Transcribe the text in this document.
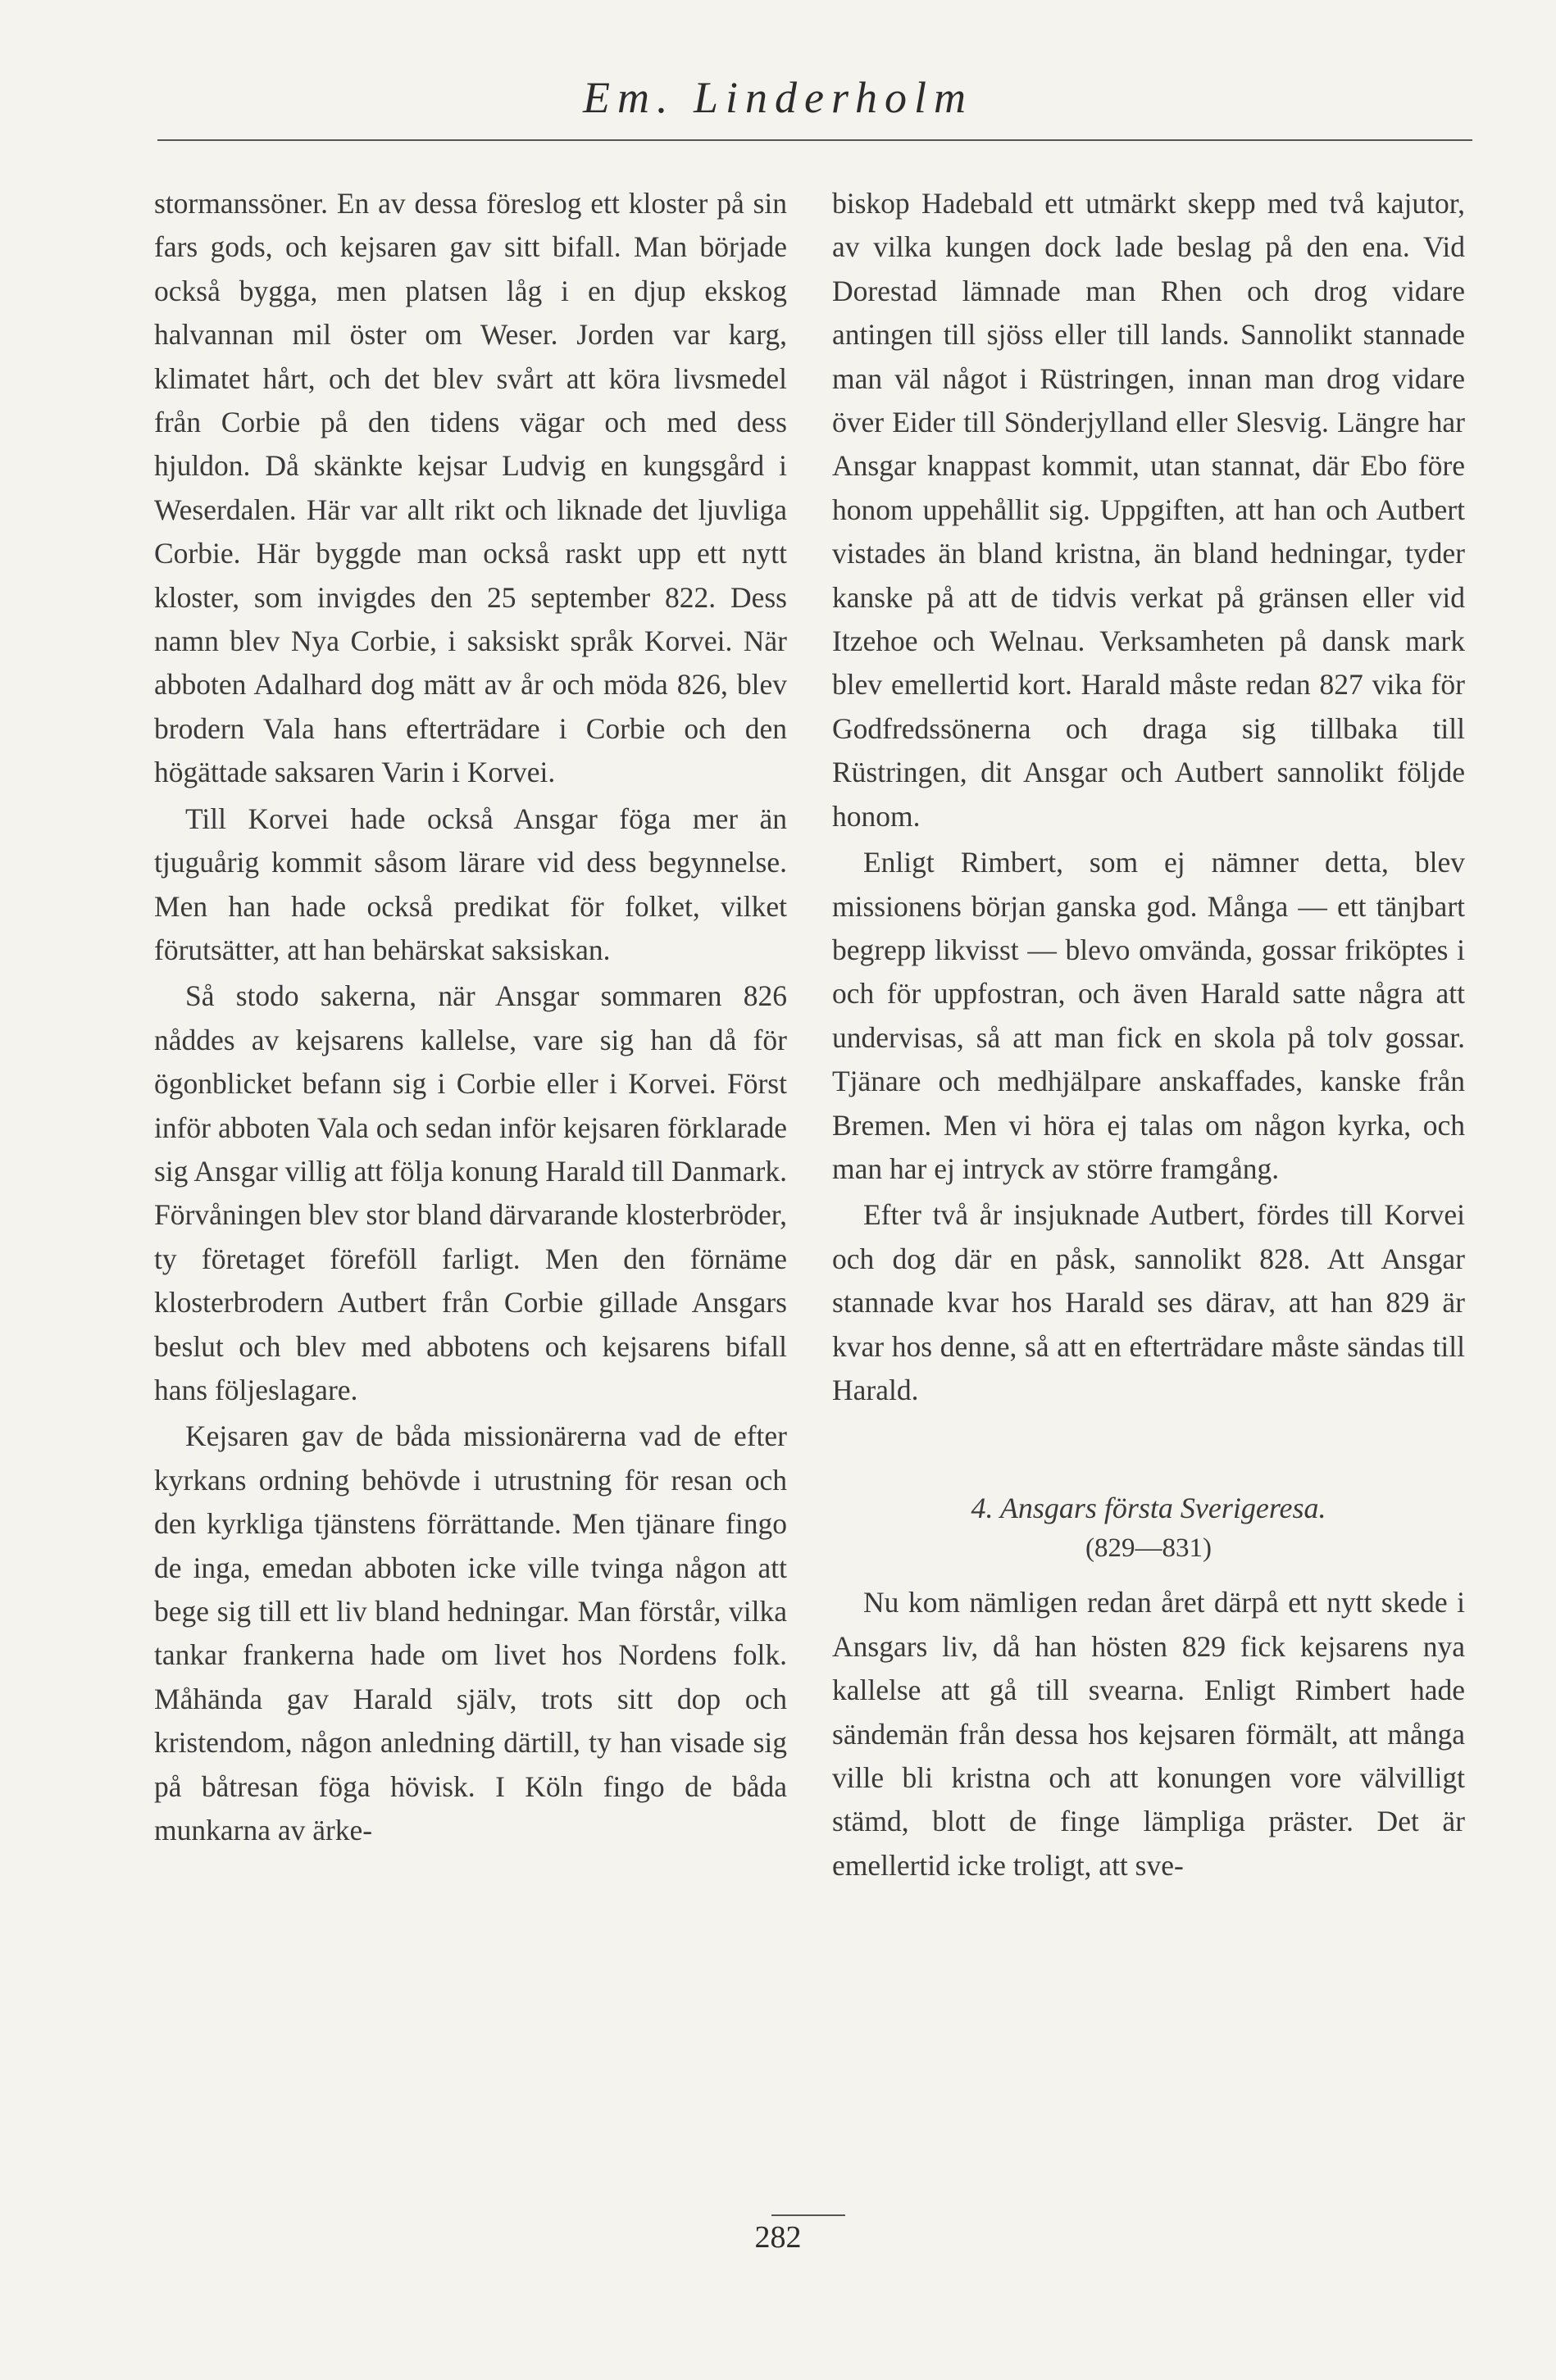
Em. Linderholm

stormanssöner. En av dessa föreslog ett kloster på sin fars gods, och kejsaren gav sitt bifall. Man började också bygga, men platsen låg i en djup ekskog halvannan mil öster om Weser. Jorden var karg, klimatet hårt, och det blev svårt att köra livsmedel från Corbie på den tidens vägar och med dess hjuldon. Då skänkte kejsar Ludvig en kungsgård i Weserdalen. Här var allt rikt och liknade det ljuvliga Corbie. Här byggde man också raskt upp ett nytt kloster, som invigdes den 25 september 822. Dess namn blev Nya Corbie, i saksiskt språk Korvei. När abboten Adalhard dog mätt av år och möda 826, blev brodern Vala hans efterträdare i Corbie och den högättade saksaren Varin i Korvei.

Till Korvei hade också Ansgar föga mer än tjuguårig kommit såsom lärare vid dess begynnelse. Men han hade också predikat för folket, vilket förutsätter, att han behärskat saksiskan.

Så stodo sakerna, när Ansgar sommaren 826 nåddes av kejsarens kallelse, vare sig han då för ögonblicket befann sig i Corbie eller i Korvei. Först inför abboten Vala och sedan inför kejsaren förklarade sig Ansgar villig att följa konung Harald till Danmark. Förvåningen blev stor bland därvarande klosterbröder, ty företaget föreföll farligt. Men den förnäme klosterbrodern Autbert från Corbie gillade Ansgars beslut och blev med abbotens och kejsarens bifall hans följeslagare.

Kejsaren gav de båda missionärerna vad de efter kyrkans ordning behövde i utrustning för resan och den kyrkliga tjänstens förrättande. Men tjänare fingo de inga, emedan abboten icke ville tvinga någon att bege sig till ett liv bland hedningar. Man förstår, vilka tankar frankerna hade om livet hos Nordens folk. Måhända gav Harald själv, trots sitt dop och kristendom, någon anledning därtill, ty han visade sig på båtresan föga hövisk. I Köln fingo de båda munkarna av ärke-

biskop Hadebald ett utmärkt skepp med två kajutor, av vilka kungen dock lade beslag på den ena. Vid Dorestad lämnade man Rhen och drog vidare antingen till sjöss eller till lands. Sannolikt stannade man väl något i Rüstringen, innan man drog vidare över Eider till Sönderjylland eller Slesvig. Längre har Ansgar knappast kommit, utan stannat, där Ebo före honom uppehållit sig. Uppgiften, att han och Autbert vistades än bland kristna, än bland hedningar, tyder kanske på att de tidvis verkat på gränsen eller vid Itzehoe och Welnau. Verksamheten på dansk mark blev emellertid kort. Harald måste redan 827 vika för Godfredssönerna och draga sig tillbaka till Rüstringen, dit Ansgar och Autbert sannolikt följde honom.

Enligt Rimbert, som ej nämner detta, blev missionens början ganska god. Många — ett tänjbart begrepp likvisst — blevo omvända, gossar friköptes i och för uppfostran, och även Harald satte några att undervisas, så att man fick en skola på tolv gossar. Tjänare och medhjälpare anskaffades, kanske från Bremen. Men vi höra ej talas om någon kyrka, och man har ej intryck av större framgång.

Efter två år insjuknade Autbert, fördes till Korvei och dog där en påsk, sannolikt 828. Att Ansgar stannade kvar hos Harald ses därav, att han 829 är kvar hos denne, så att en efterträdare måste sändas till Harald.

4. Ansgars första Sverigeresa.
(829—831)

Nu kom nämligen redan året därpå ett nytt skede i Ansgars liv, då han hösten 829 fick kejsarens nya kallelse att gå till svearna. Enligt Rimbert hade sändemän från dessa hos kejsaren förmält, att många ville bli kristna och att konungen vore välvilligt stämd, blott de finge lämpliga präster. Det är emellertid icke troligt, att sve-

282
